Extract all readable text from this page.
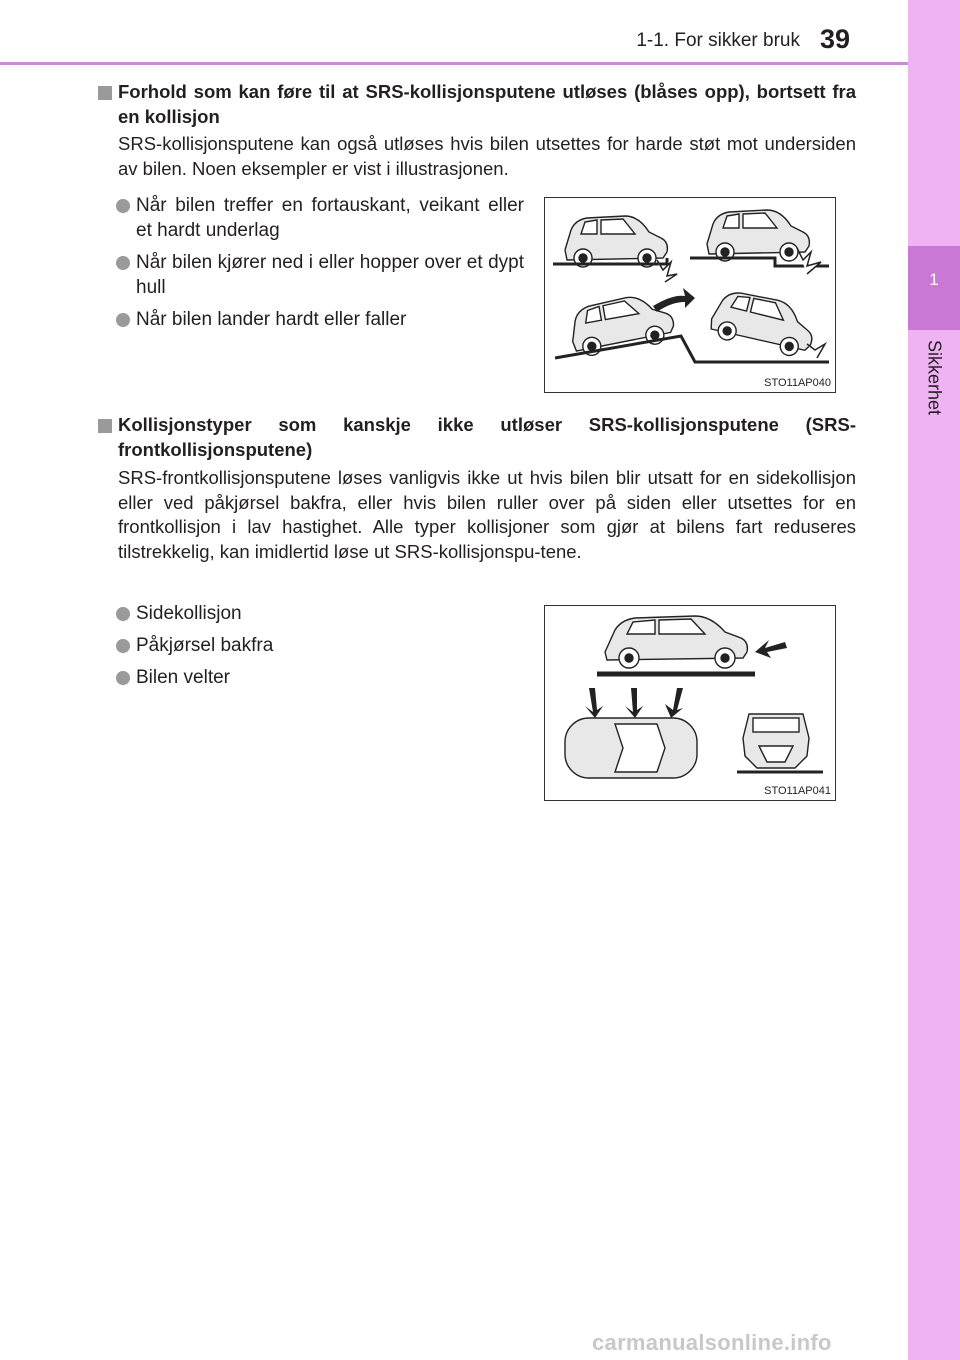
1-1. For sikker bruk 39
1
Sikkerhet
Forhold som kan føre til at SRS-kollisjonsputene utløses (blåses opp), bortsett fra en kollisjon
SRS-kollisjonsputene kan også utløses hvis bilen utsettes for harde støt mot undersiden av bilen. Noen eksempler er vist i illustrasjonen.
Når bilen treffer en fortauskant, veikant eller et hardt underlag
Når bilen kjører ned i eller hopper over et dypt hull
Når bilen lander hardt eller faller
STO11AP040
Kollisjonstyper som kanskje ikke utløser SRS-kollisjonsputene (SRS-frontkollisjonsputene)
SRS-frontkollisjonsputene løses vanligvis ikke ut hvis bilen blir utsatt for en sidekollisjon eller ved påkjørsel bakfra, eller hvis bilen ruller over på siden eller utsettes for en frontkollisjon i lav hastighet. Alle typer kollisjoner som gjør at bilens fart reduseres tilstrekkelig, kan imidlertid løse ut SRS-kollisjonspu-tene.
Sidekollisjon
Påkjørsel bakfra
Bilen velter
STO11AP041
carmanualsonline.info
